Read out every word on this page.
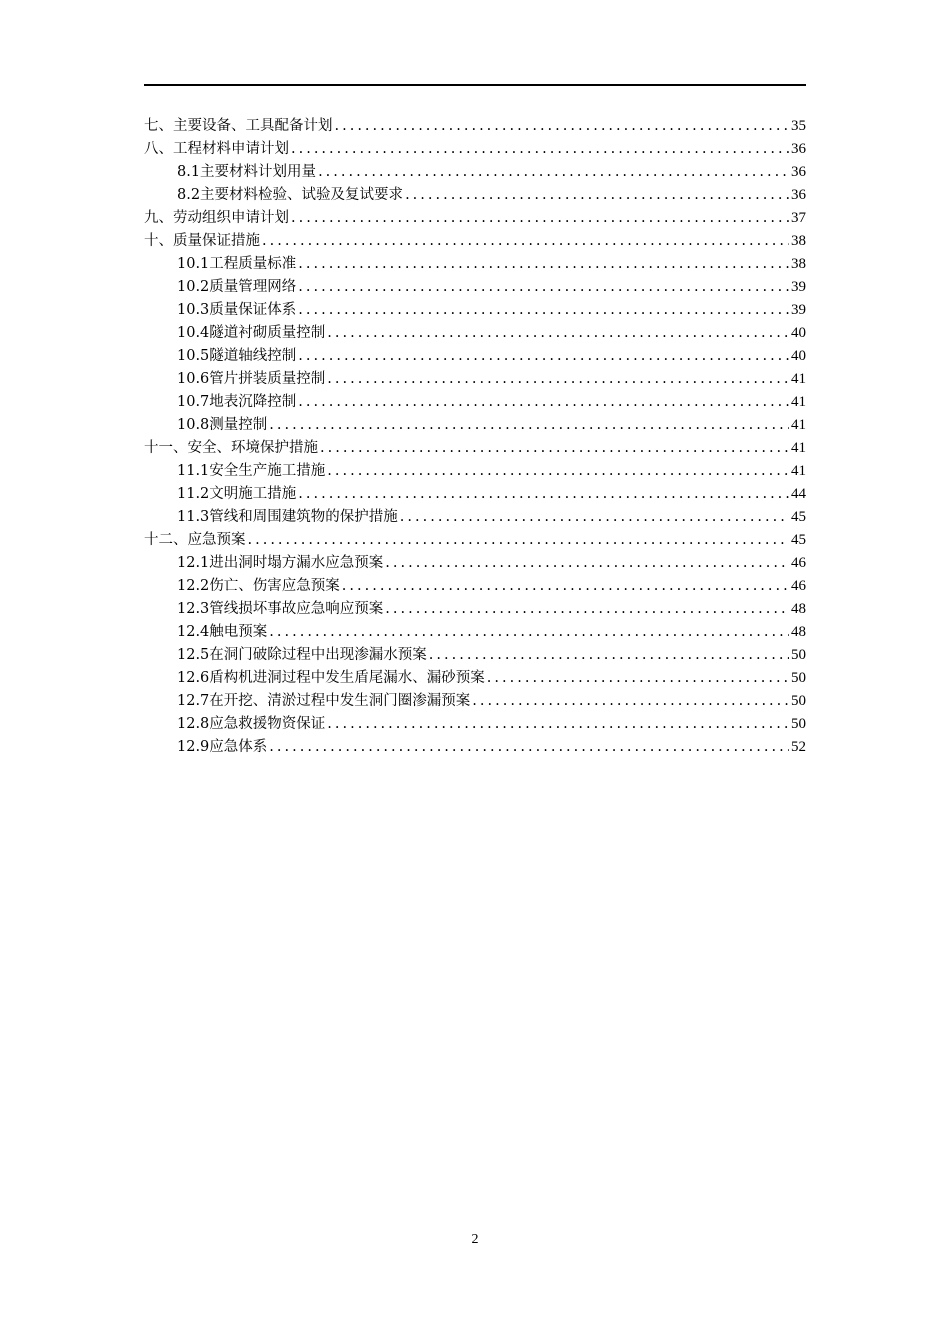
七、主要设备、工具配备计划 .....	35
八、工程材料申请计划 .....	36
8.1主要材料计划用量 .....	36
8.2主要材料检验、试验及复试要求 .....	36
九、劳动组织申请计划 .....	37
十、质量保证措施 .....	38
10.1工程质量标准 .....	38
10.2质量管理网络 .....	39
10.3质量保证体系 .....	39
10.4隧道衬砌质量控制 .....	40
10.5隧道轴线控制 .....	40
10.6管片拼装质量控制 .....	41
10.7地表沉降控制 .....	41
10.8测量控制 .....	41
十一、安全、环境保护措施 .....	41
11.1安全生产施工措施 .....	41
11.2文明施工措施 .....	44
11.3管线和周围建筑物的保护措施 .....	45
十二、应急预案 .....	45
12.1进出洞时塌方漏水应急预案 .....	46
12.2伤亡、伤害应急预案 .....	46
12.3管线损坏事故应急响应预案 .....	48
12.4触电预案 .....	48
12.5在洞门破除过程中出现渗漏水预案 .....	50
12.6盾构机进洞过程中发生盾尾漏水、漏砂预案 .....	50
12.7在开挖、清淤过程中发生洞门圈渗漏预案 .....	50
12.8应急救援物资保证 .....	50
12.9应急体系 .....	52
2
